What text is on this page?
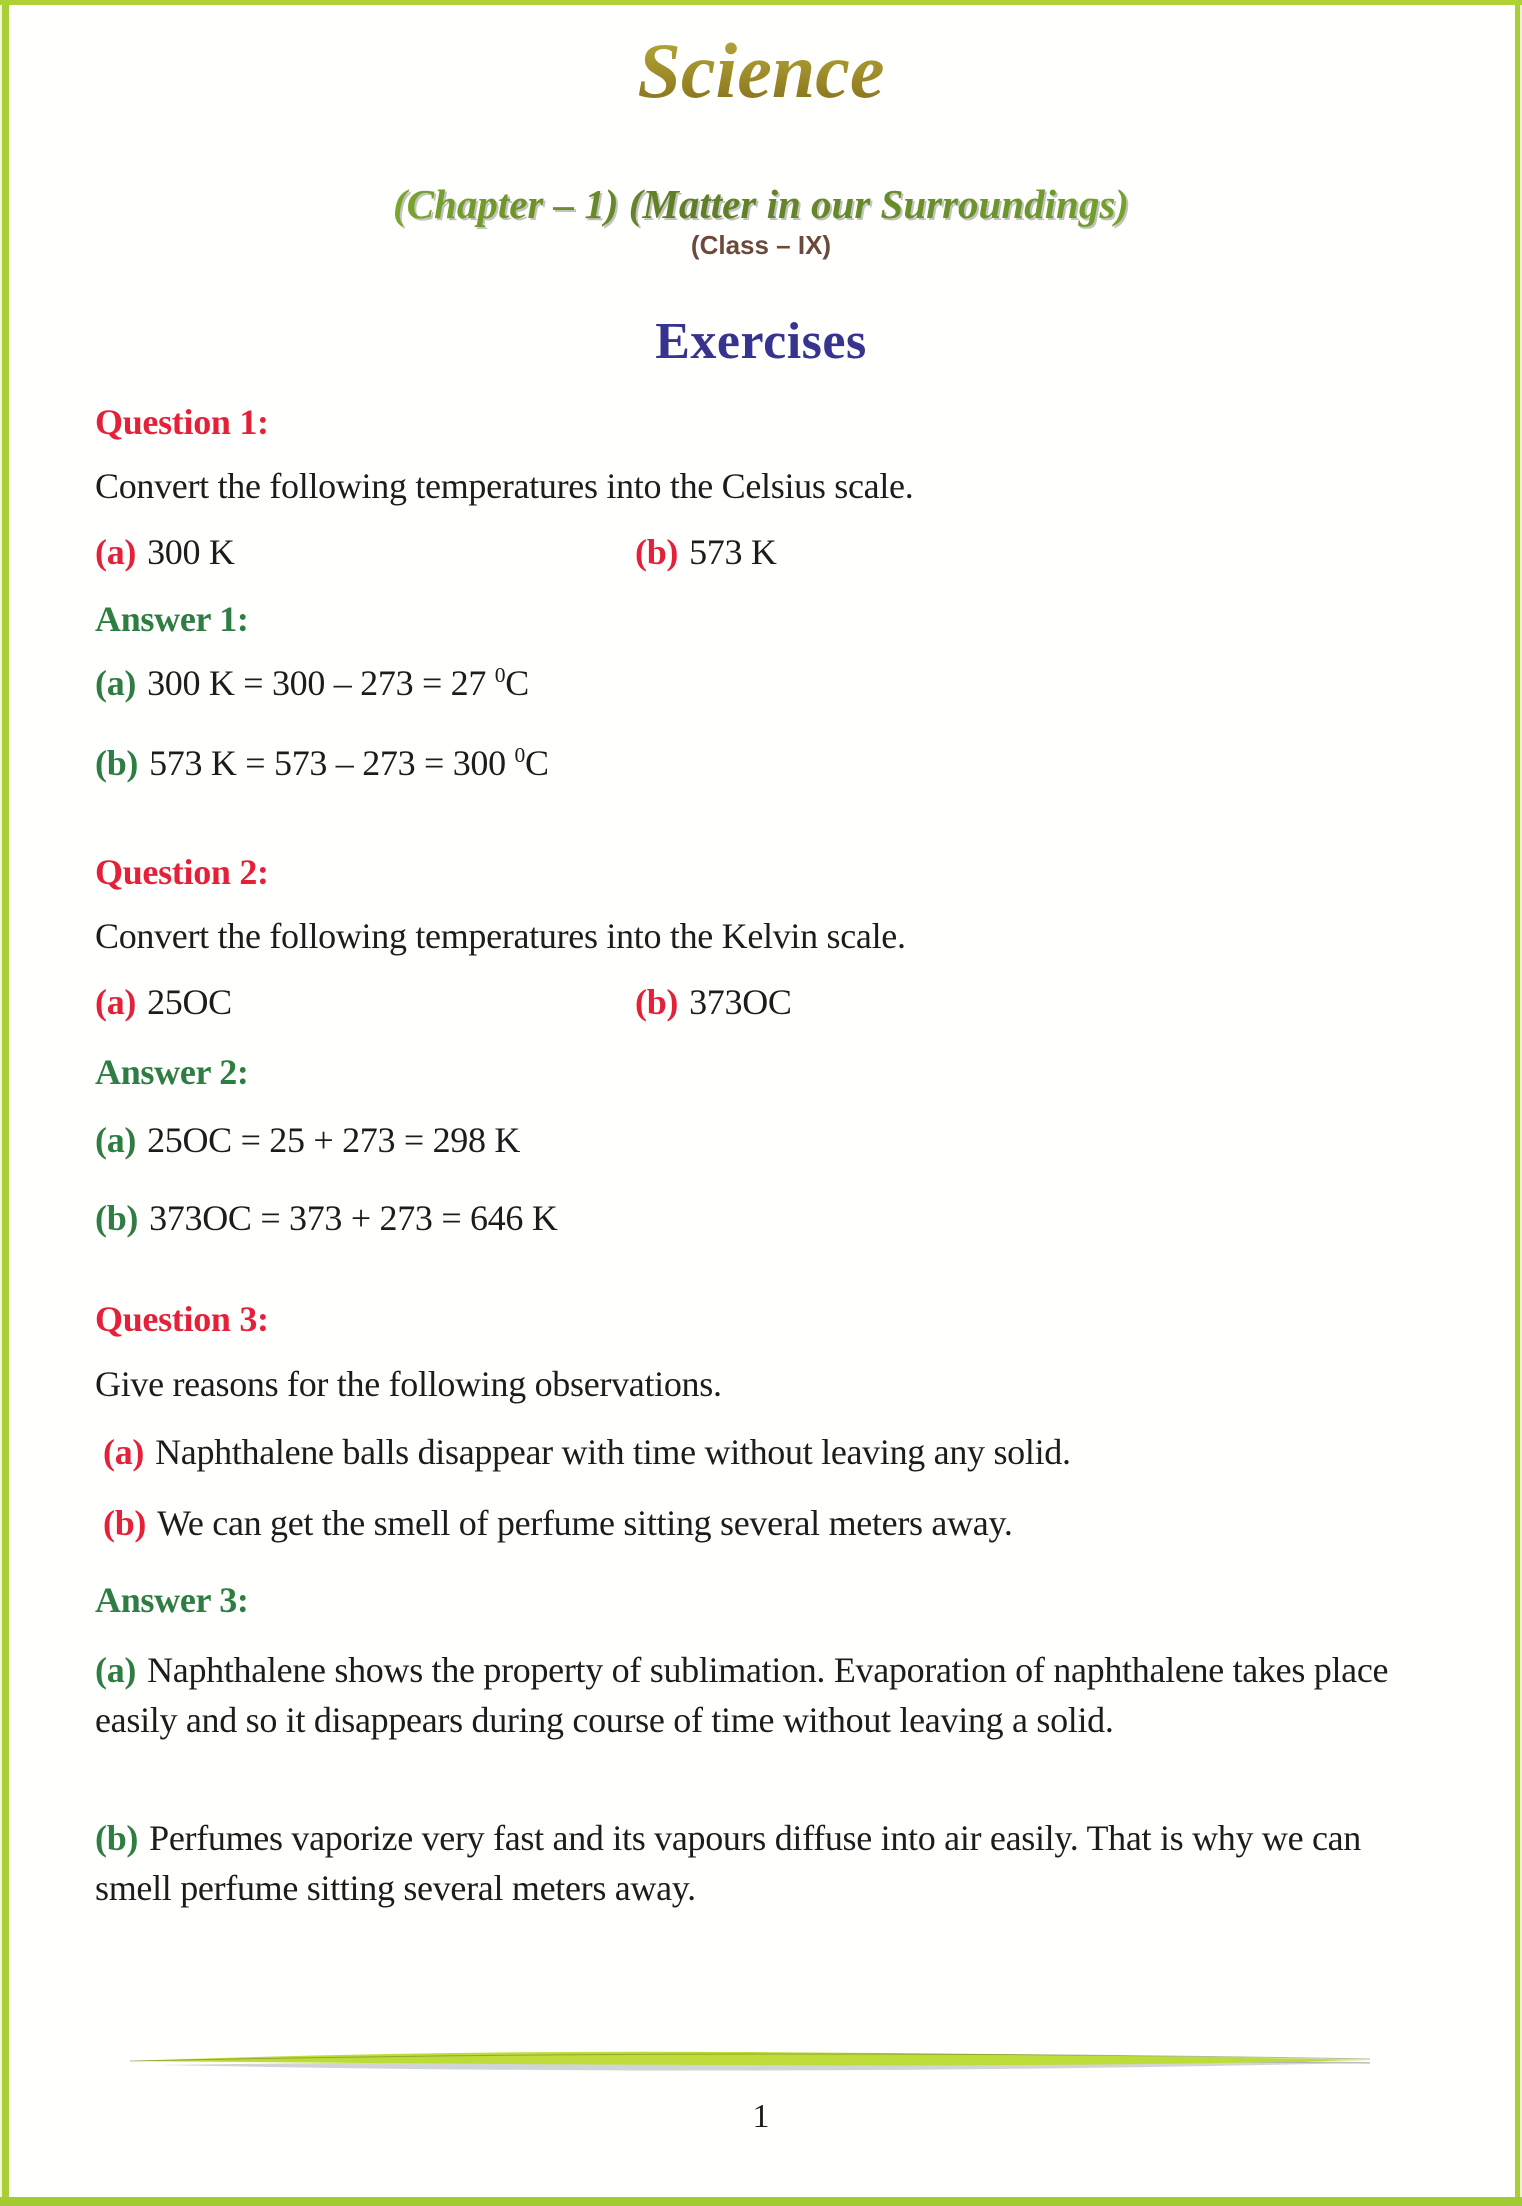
Science
(Chapter – 1) (Matter in our Surroundings)
(Class – IX)
Exercises
Question 1:
Convert the following temperatures into the Celsius scale.
(a) 300 K	(b) 573 K
Answer 1:
(a) 300 K = 300 – 273 = 27 $^0$C
(b) 573 K = 573 – 273 = 300 $^0$C
Question 2:
Convert the following temperatures into the Kelvin scale.
(a) 25OC	(b) 373OC
Answer 2:
(a) 25OC = 25 + 273 = 298 K
(b) 373OC = 373 + 273 = 646 K
Question 3:
Give reasons for the following observations.
(a) Naphthalene balls disappear with time without leaving any solid.
(b) We can get the smell of perfume sitting several meters away.
Answer 3:
(a) Naphthalene shows the property of sublimation. Evaporation of naphthalene takes place easily and so it disappears during course of time without leaving a solid.
(b) Perfumes vaporize very fast and its vapours diffuse into air easily. That is why we can smell perfume sitting several meters away.
1
